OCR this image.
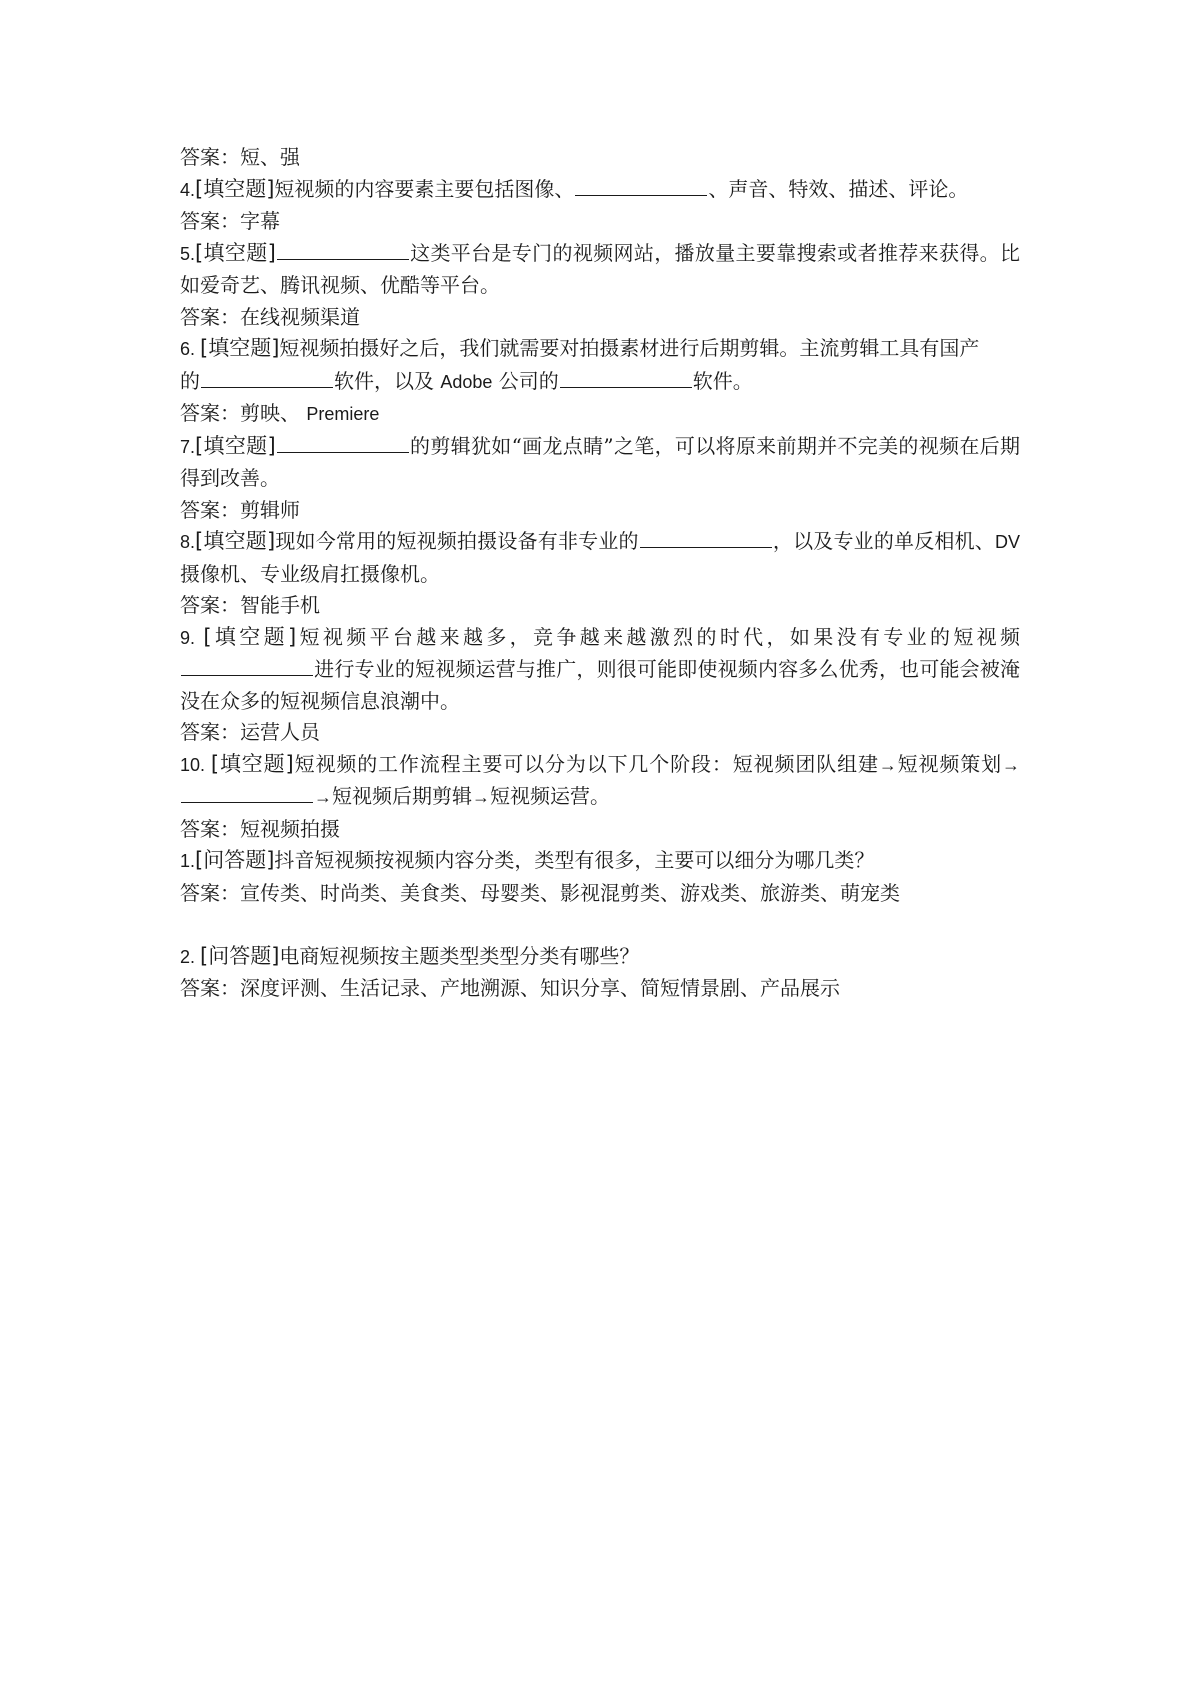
答案：短、强

4.[填空题]短视频的内容要素主要包括图像、	、声音、特效、描述、评论。

答案：字幕

5.[填空题]	这类平台是专门的视频网站，播放量主要靠搜索或者推荐来获得。比如爱奇艺、腾讯视频、优酷等平台。

答案：在线视频渠道

6. [填空题]短视频拍摄好之后，我们就需要对拍摄素材进行后期剪辑。主流剪辑工具有国产

的	软件，以及 Adobe 公司的	软件。

答案：剪映、 Premiere

7.[填空题]	的剪辑犹如“画龙点睛”之笔，可以将原来前期并不完美的视频在后期得到改善。

答案：剪辑师

8.[填空题]现如今常用的短视频拍摄设备有非专业的	，以及专业的单反相机、DV 摄像机、专业级肩扛摄像机。

答案：智能手机

9. [填空题]短视频平台越来越多，竞争越来越激烈的时代，如果没有专业的短视频进行专业的短视频运营与推广，则很可能即使视频内容多么优秀，也可能会被淹没在众多的短视频信息浪潮中。

答案：运营人员

10. [填空题]短视频的工作流程主要可以分为以下几个阶段：短视频团队组建→短视频策划→→短视频后期剪辑→短视频运营。

答案：短视频拍摄

1.[问答题]抖音短视频按视频内容分类，类型有很多，主要可以细分为哪几类？

答案：宣传类、时尚类、美食类、母婴类、影视混剪类、游戏类、旅游类、萌宠类

2. [问答题]电商短视频按主题类型类型分类有哪些？

答案：深度评测、生活记录、产地溯源、知识分享、简短情景剧、产品展示
